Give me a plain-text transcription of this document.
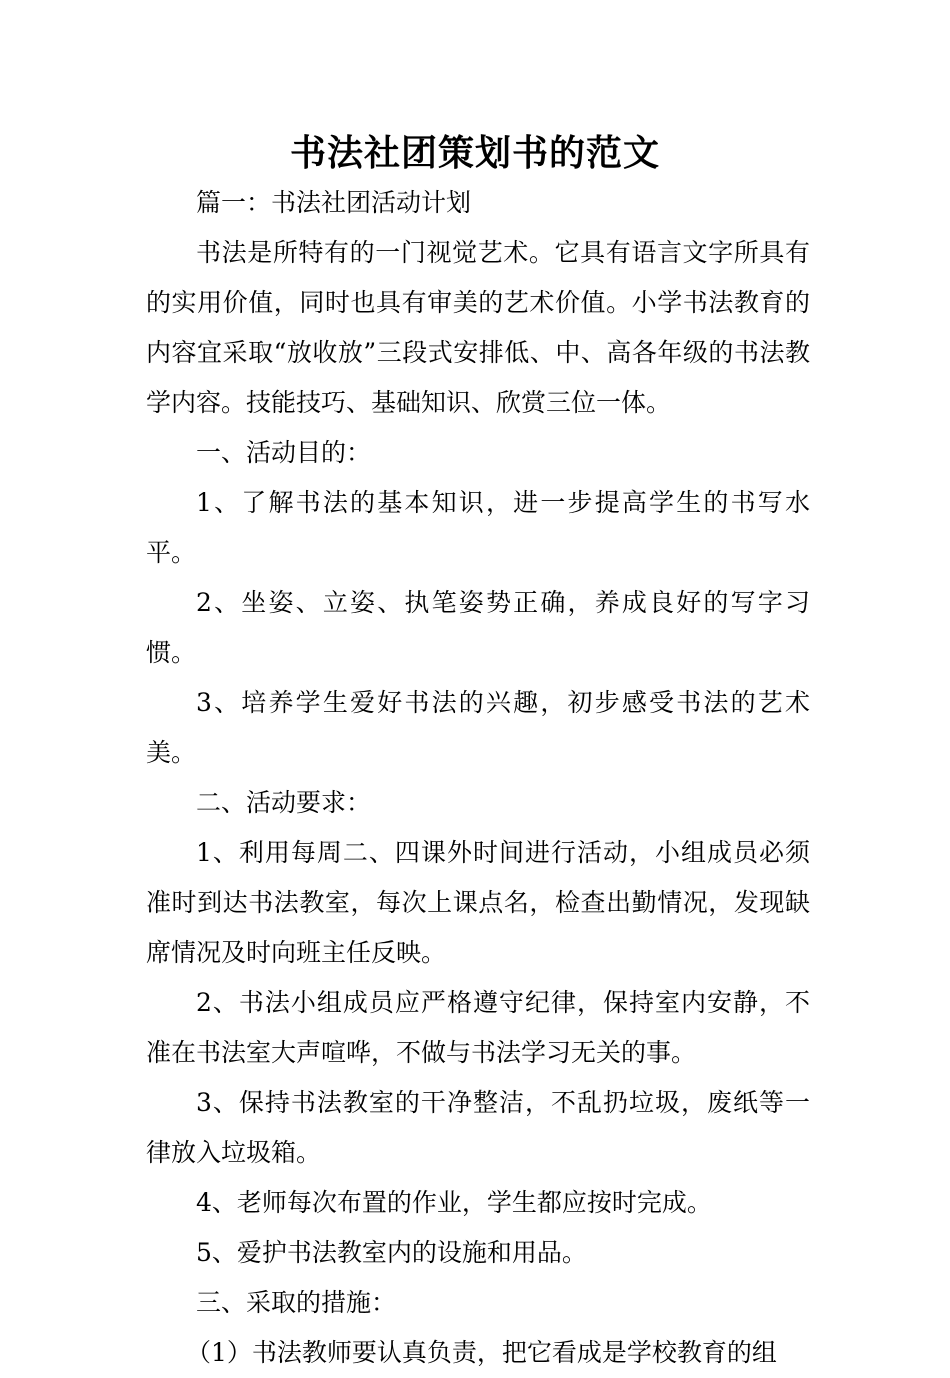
书法社团策划书的范文

篇一：书法社团活动计划

书法是所特有的一门视觉艺术。它具有语言文字所具有的实用价值，同时也具有审美的艺术价值。小学书法教育的内容宜采取“放收放”三段式安排低、中、高各年级的书法教学内容。技能技巧、基础知识、欣赏三位一体。

一、活动目的：

1、了解书法的基本知识，进一步提高学生的书写水平。

2、坐姿、立姿、执笔姿势正确，养成良好的写字习惯。

3、培养学生爱好书法的兴趣，初步感受书法的艺术美。

二、活动要求：

1、利用每周二、四课外时间进行活动，小组成员必须准时到达书法教室，每次上课点名，检查出勤情况，发现缺席情况及时向班主任反映。

2、书法小组成员应严格遵守纪律，保持室内安静，不准在书法室大声喧哗，不做与书法学习无关的事。

3、保持书法教室的干净整洁，不乱扔垃圾，废纸等一律放入垃圾箱。

4、老师每次布置的作业，学生都应按时完成。

5、爱护书法教室内的设施和用品。

三、采取的措施：

（1）书法教师要认真负责，把它看成是学校教育的组
